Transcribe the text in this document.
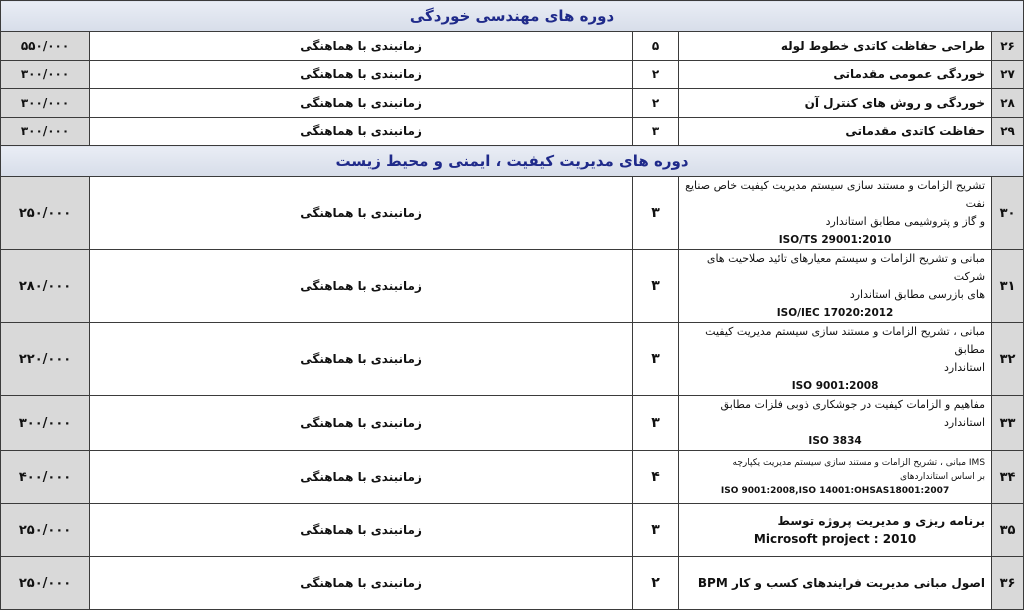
دوره های مهندسی خوردگی				
۲۶	طراحی حفاظت کاتدی خطوط لوله	۵	زمانبندی با هماهنگی	۵۵۰/۰۰۰
۲۷	خوردگی عمومی مقدماتی	۲	زمانبندی با هماهنگی	۳۰۰/۰۰۰
۲۸	خوردگی و روش های کنترل آن	۲	زمانبندی با هماهنگی	۳۰۰/۰۰۰
۲۹	حفاظت کاتدی مقدماتی	۳	زمانبندی با هماهنگی	۳۰۰/۰۰۰
دوره های مدیریت کیفیت ، ایمنی و محیط زیست				
۳۰	تشریح الزامات و مستند سازی سیستم مدیریت کیفیت خاص صنایع نفت
و گاز و پتروشیمی مطابق استاندارد
ISO/TS 29001:2010	۳	زمانبندی با هماهنگی	۲۵۰/۰۰۰
۳۱	مبانی و تشریح الزامات و سیستم معیارهای تائید صلاحیت های شرکت
های بازرسی مطابق استاندارد
ISO/IEC 17020:2012	۳	زمانبندی با هماهنگی	۲۸۰/۰۰۰
۳۲	مبانی ، تشریح الزامات و مستند سازی سیستم مدیریت کیفیت مطابق
استاندارد
ISO 9001:2008	۳	زمانبندی با هماهنگی	۲۲۰/۰۰۰
۳۳	مفاهیم و الزامات کیفیت در جوشکاری ذوبی فلزات مطابق استاندارد
ISO 3834	۳	زمانبندی با هماهنگی	۳۰۰/۰۰۰
۳۴	IMS مبانی ، تشریح الزامات و مستند سازی سیستم مدیریت یکپارچه
بر اساس استانداردهای
ISO 9001:2008,ISO 14001:OHSAS18001:2007	۴	زمانبندی با هماهنگی	۴۰۰/۰۰۰
۳۵	برنامه ریزی و مدیریت پروژه توسط
Microsoft project : 2010	۳	زمانبندی با هماهنگی	۲۵۰/۰۰۰
۳۶	اصول مبانی مدیریت فرایندهای کسب و کار BPM	۲	زمانبندی با هماهنگی	۲۵۰/۰۰۰
